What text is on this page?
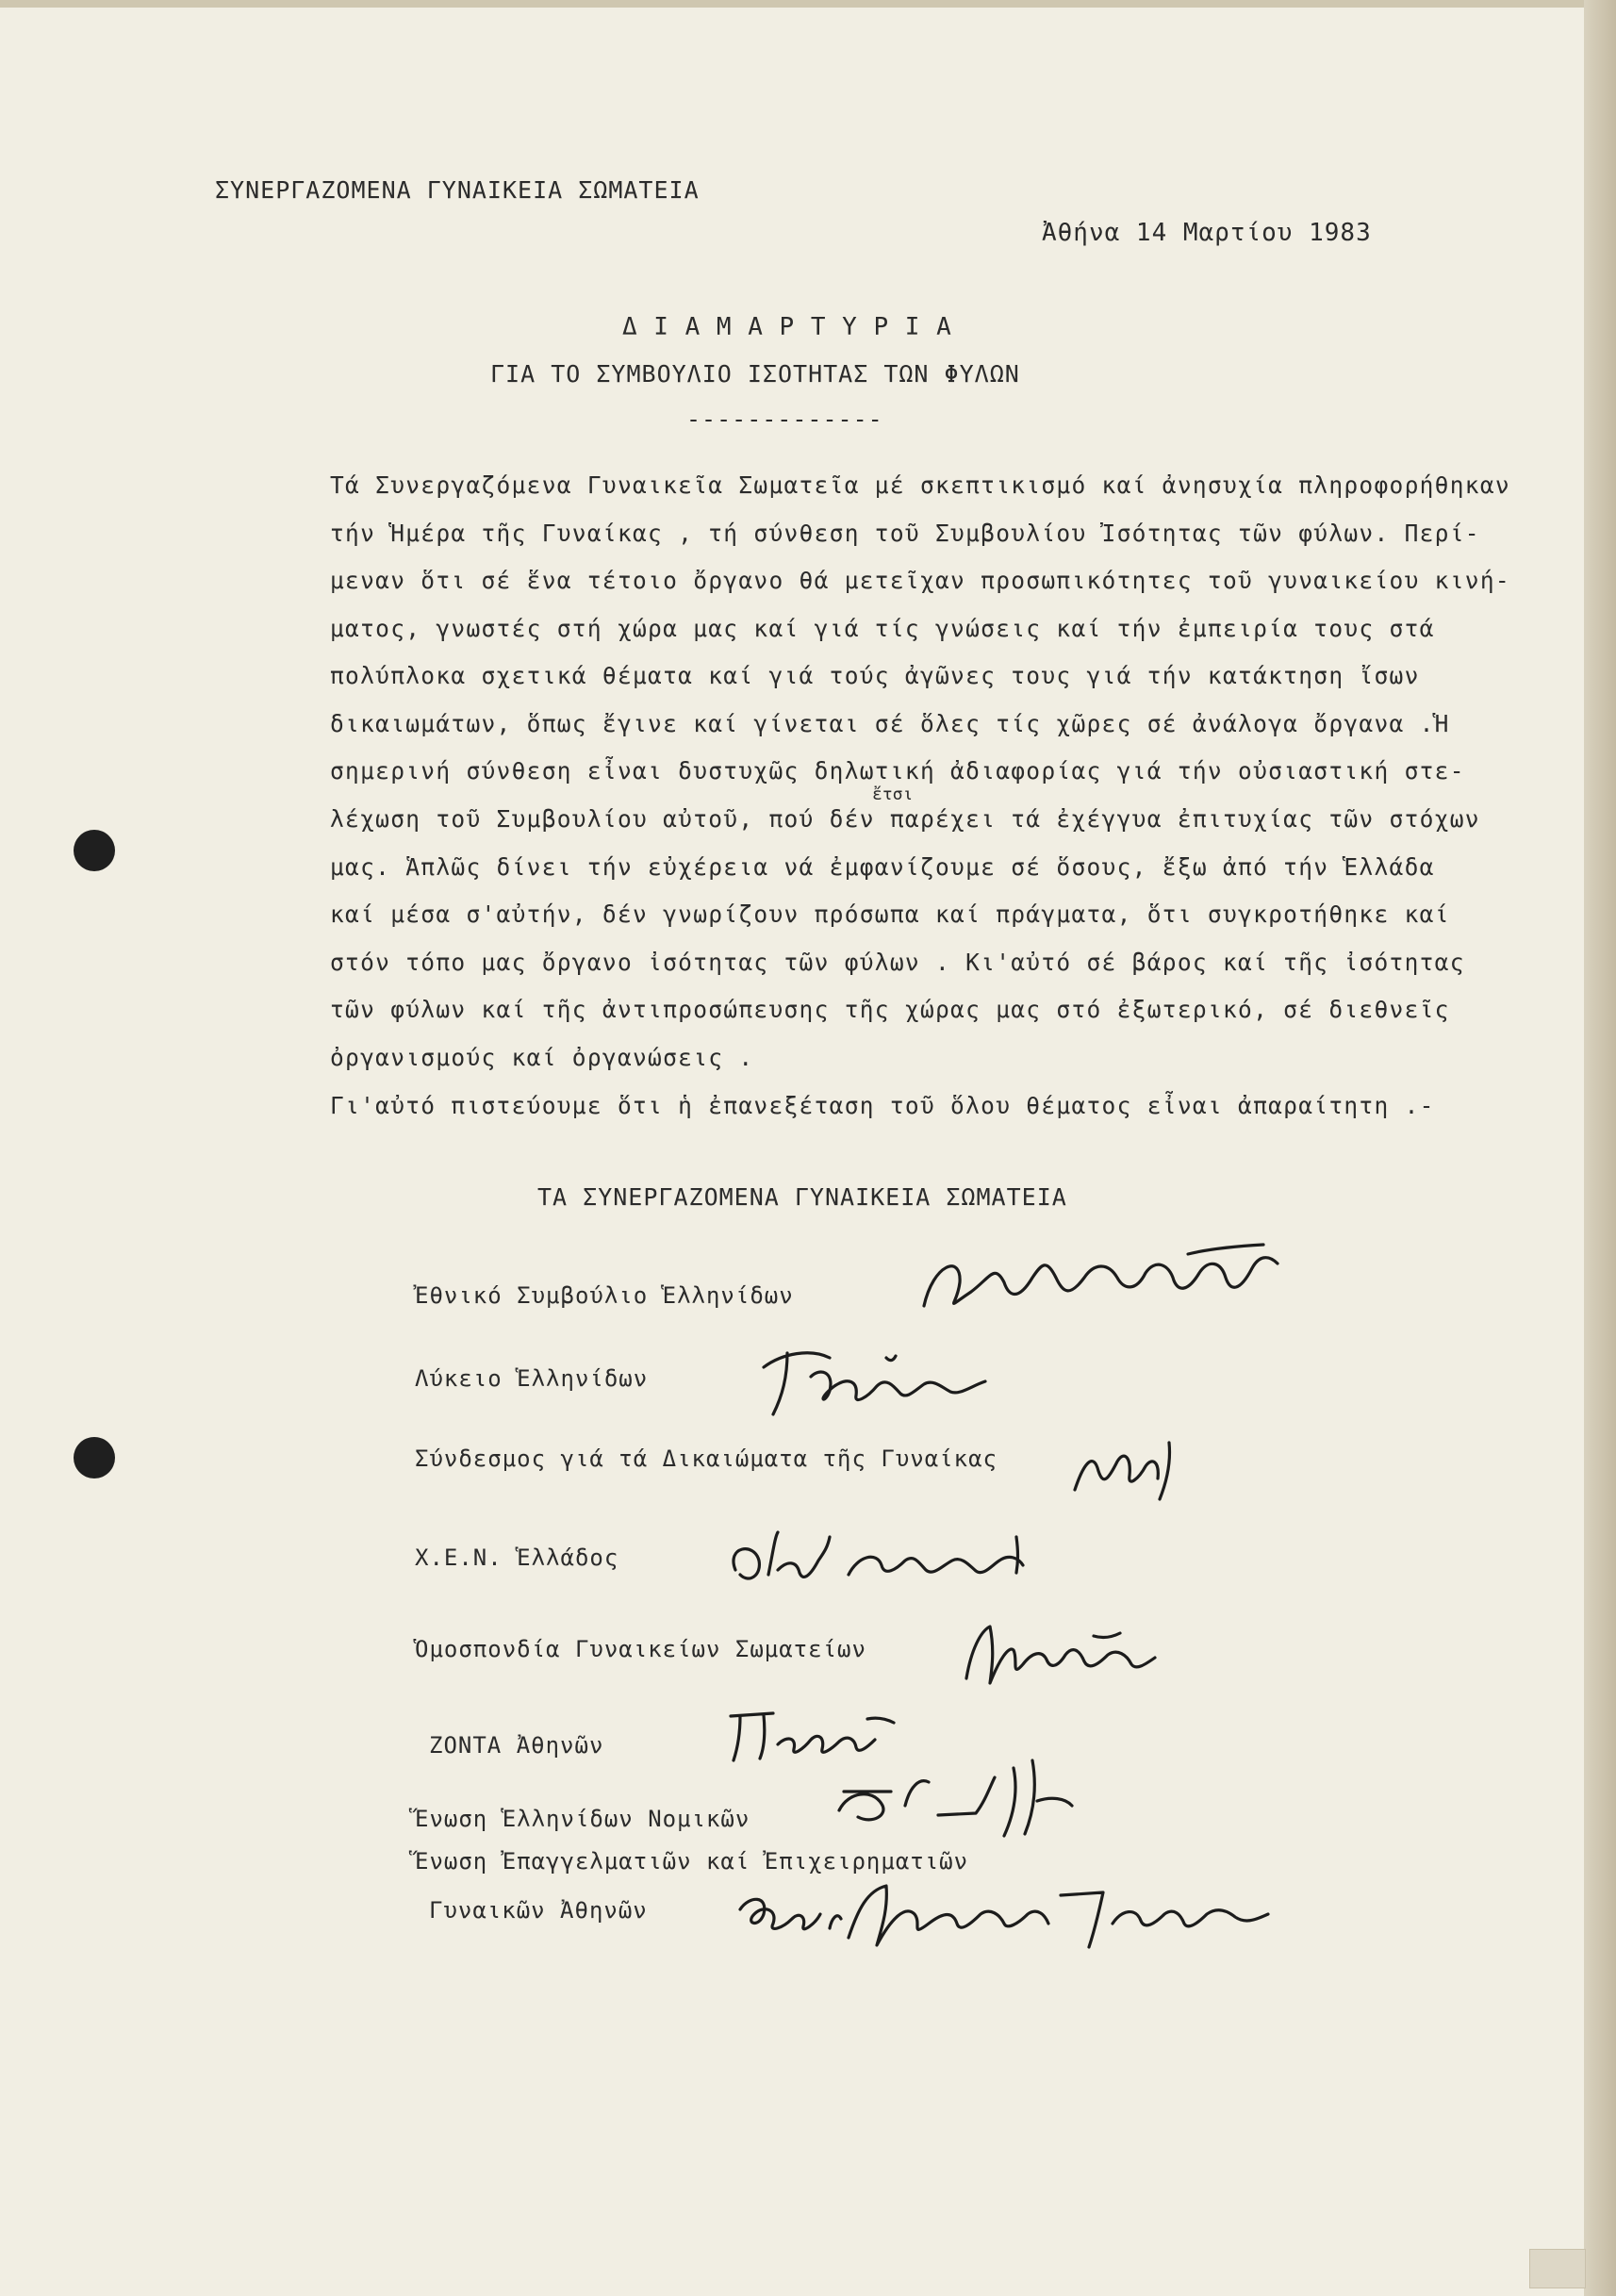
ΣΥΝΕΡΓΑΖΟΜΕΝΑ ΓΥΝΑΙΚΕΙΑ ΣΩΜΑΤΕΙΑ
Ἀθήνα 14 Μαρτίου 1983
Δ Ι Α Μ Α Ρ Τ Υ Ρ Ι Α
ΓΙΑ ΤΟ ΣΥΜΒΟΥΛΙΟ ΙΣΟΤΗΤΑΣ ΤΩΝ ΦΥΛΩΝ
-------------
Τά Συνεργαζόμενα Γυναικεῖα Σωματεῖα μέ σκεπτικισμό καί ἀνησυχία πληροφορήθηκαν
τήν Ἡμέρα τῆς Γυναίκας , τή σύνθεση τοῦ Συμβουλίου Ἰσότητας τῶν φύλων. Περί-
μεναν ὅτι σέ ἕνα τέτοιο ὄργανο θά μετεῖχαν προσωπικότητες τοῦ γυναικείου κινή-
ματος, γνωστές στή χώρα μας καί γιά τίς γνώσεις καί τήν ἐμπειρία τους στά
πολύπλοκα σχετικά θέματα καί γιά τούς ἀγῶνες τους γιά τήν κατάκτηση ἴσων
δικαιωμάτων, ὅπως ἔγινε καί γίνεται σέ ὅλες τίς χῶρες σέ ἀνάλογα ὄργανα .Ἡ
σημερινή σύνθεση εἶναι δυστυχῶς δηλωτική ἀδιαφορίας γιά τήν οὐσιαστική στε-
λέχωση τοῦ Συμβουλίου αὐτοῦ, πού δέν παρέχει τά ἐχέγγυα ἐπιτυχίας τῶν στόχων
μας. Ἁπλῶς δίνει τήν εὐχέρεια νά ἐμφανίζουμε σέ ὅσους, ἔξω ἀπό τήν Ἑλλάδα
καί μέσα σ'αὐτήν, δέν γνωρίζουν πρόσωπα καί πράγματα, ὅτι συγκροτήθηκε καί
στόν τόπο μας ὄργανο ἰσότητας τῶν φύλων . Κι'αὐτό σέ βάρος καί τῆς ἰσότητας
τῶν φύλων καί τῆς ἀντιπροσώπευσης τῆς χώρας μας στό ἐξωτερικό, σέ διεθνεῖς
ὀργανισμούς καί ὀργανώσεις .
Γι'αὐτό πιστεύουμε ὅτι ἡ ἐπανεξέταση τοῦ ὅλου θέματος εἶναι ἀπαραίτητη .-
ἔτσι
ΤΑ ΣΥΝΕΡΓΑΖΟΜΕΝΑ ΓΥΝΑΙΚΕΙΑ ΣΩΜΑΤΕΙΑ
Ἐθνικό Συμβούλιο Ἑλληνίδων
Λύκειο Ἑλληνίδων
Σύνδεσμος γιά τά Δικαιώματα τῆς Γυναίκας
Χ.Ε.Ν. Ἑλλάδος
Ὁμοσπονδία Γυναικείων Σωματείων
ΖΟΝΤΑ Ἀθηνῶν
Ἕνωση Ἑλληνίδων Νομικῶν
Ἕνωση Ἐπαγγελματιῶν καί Ἐπιχειρηματιῶν
Γυναικῶν Ἀθηνῶν
